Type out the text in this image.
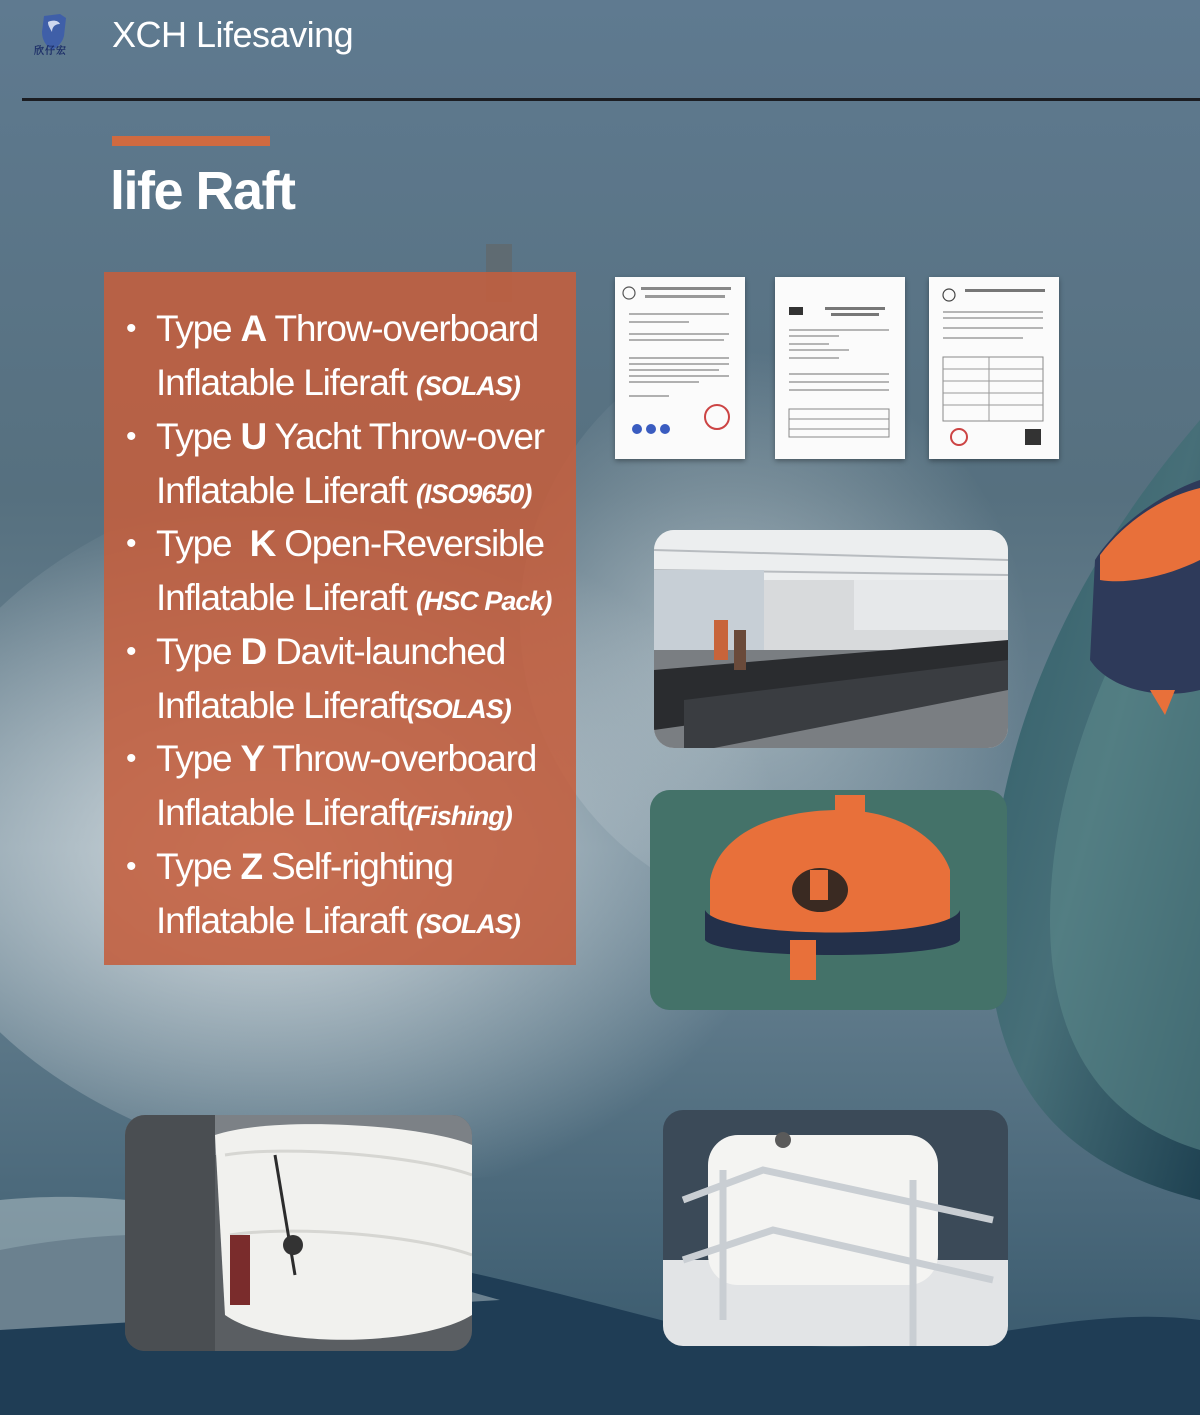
欣仔宏 XCH Lifesaving
life Raft
• Type A Throw-overboard
Inflatable Liferaft (SOLAS)
• Type U Yacht Throw-over
Inflatable Liferaft (ISO9650)
• Type  K Open-Reversible
Inflatable Liferaft (HSC Pack)
• Type D Davit-launched
Inflatable Liferaft(SOLAS)
• Type Y Throw-overboard
Inflatable Liferaft(Fishing)
• Type Z Self-righting
Inflatable Lifaraft (SOLAS)
